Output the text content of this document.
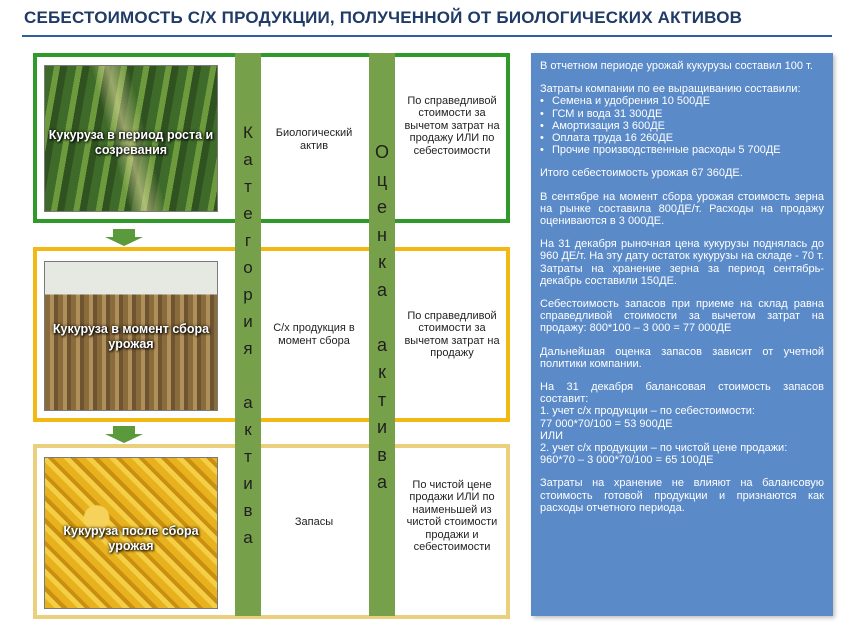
СЕБЕСТОИМОСТЬ С/Х ПРОДУКЦИИ, ПОЛУЧЕННОЙ ОТ БИОЛОГИЧЕСКИХ АКТИВОВ
Кукуруза в период роста и созревания
Кукуруза в момент сбора урожая
Кукуруза после сбора урожая
К
а
т
е
г
о
р
и
я

а
к
т
и
в
а
О
ц
е
н
к
а

а
к
т
и
в
а
Биологический актив
С/х продукция в момент сбора
Запасы
По справедливой стоимости за вычетом затрат на продажу ИЛИ по себестоимости
По справедливой стоимости за вычетом затрат на продажу
По чистой цене продажи ИЛИ по наименьшей из чистой стоимости продажи и себестоимости

В отчетном периоде урожай кукурузы составил 100 т.

Затраты компании по ее выращиванию составили:

• Семена и удобрения 10 500ДЕ
• ГСМ и вода 31 300ДЕ
• Амортизация 3 600ДЕ
• Оплата труда 16 260ДЕ
• Прочие производственные расходы 5 700ДЕ

Итого себестоимость урожая 67 360ДЕ.

В сентябре на момент сбора урожая стоимость зерна на рынке составила 800ДЕ/т. Расходы на продажу оцениваются в 3 000ДЕ.

На 31 декабря рыночная цена кукурузы поднялась до 960 ДЕ/т. На эту дату остаток кукурузы на складе - 70 т. Затраты на хранение зерна за период сентябрь-декабрь составили 150ДЕ.

Себестоимость запасов при приеме на склад равна справедливой стоимости за вычетом затрат на продажу: 800*100 – 3 000 = 77 000ДЕ

Дальнейшая оценка запасов зависит от учетной политики компании.

На 31 декабря балансовая стоимость запасов составит:

1. учет с/х продукции – по себестоимости:
77 000*70/100 = 53 900ДЕ
ИЛИ
2. учет с/х продукции – по чистой цене продажи:

960*70 – 3 000*70/100 = 65 100ДЕ

Затраты на хранение не влияют на балансовую стоимость готовой продукции и признаются как расходы отчетного периода.
